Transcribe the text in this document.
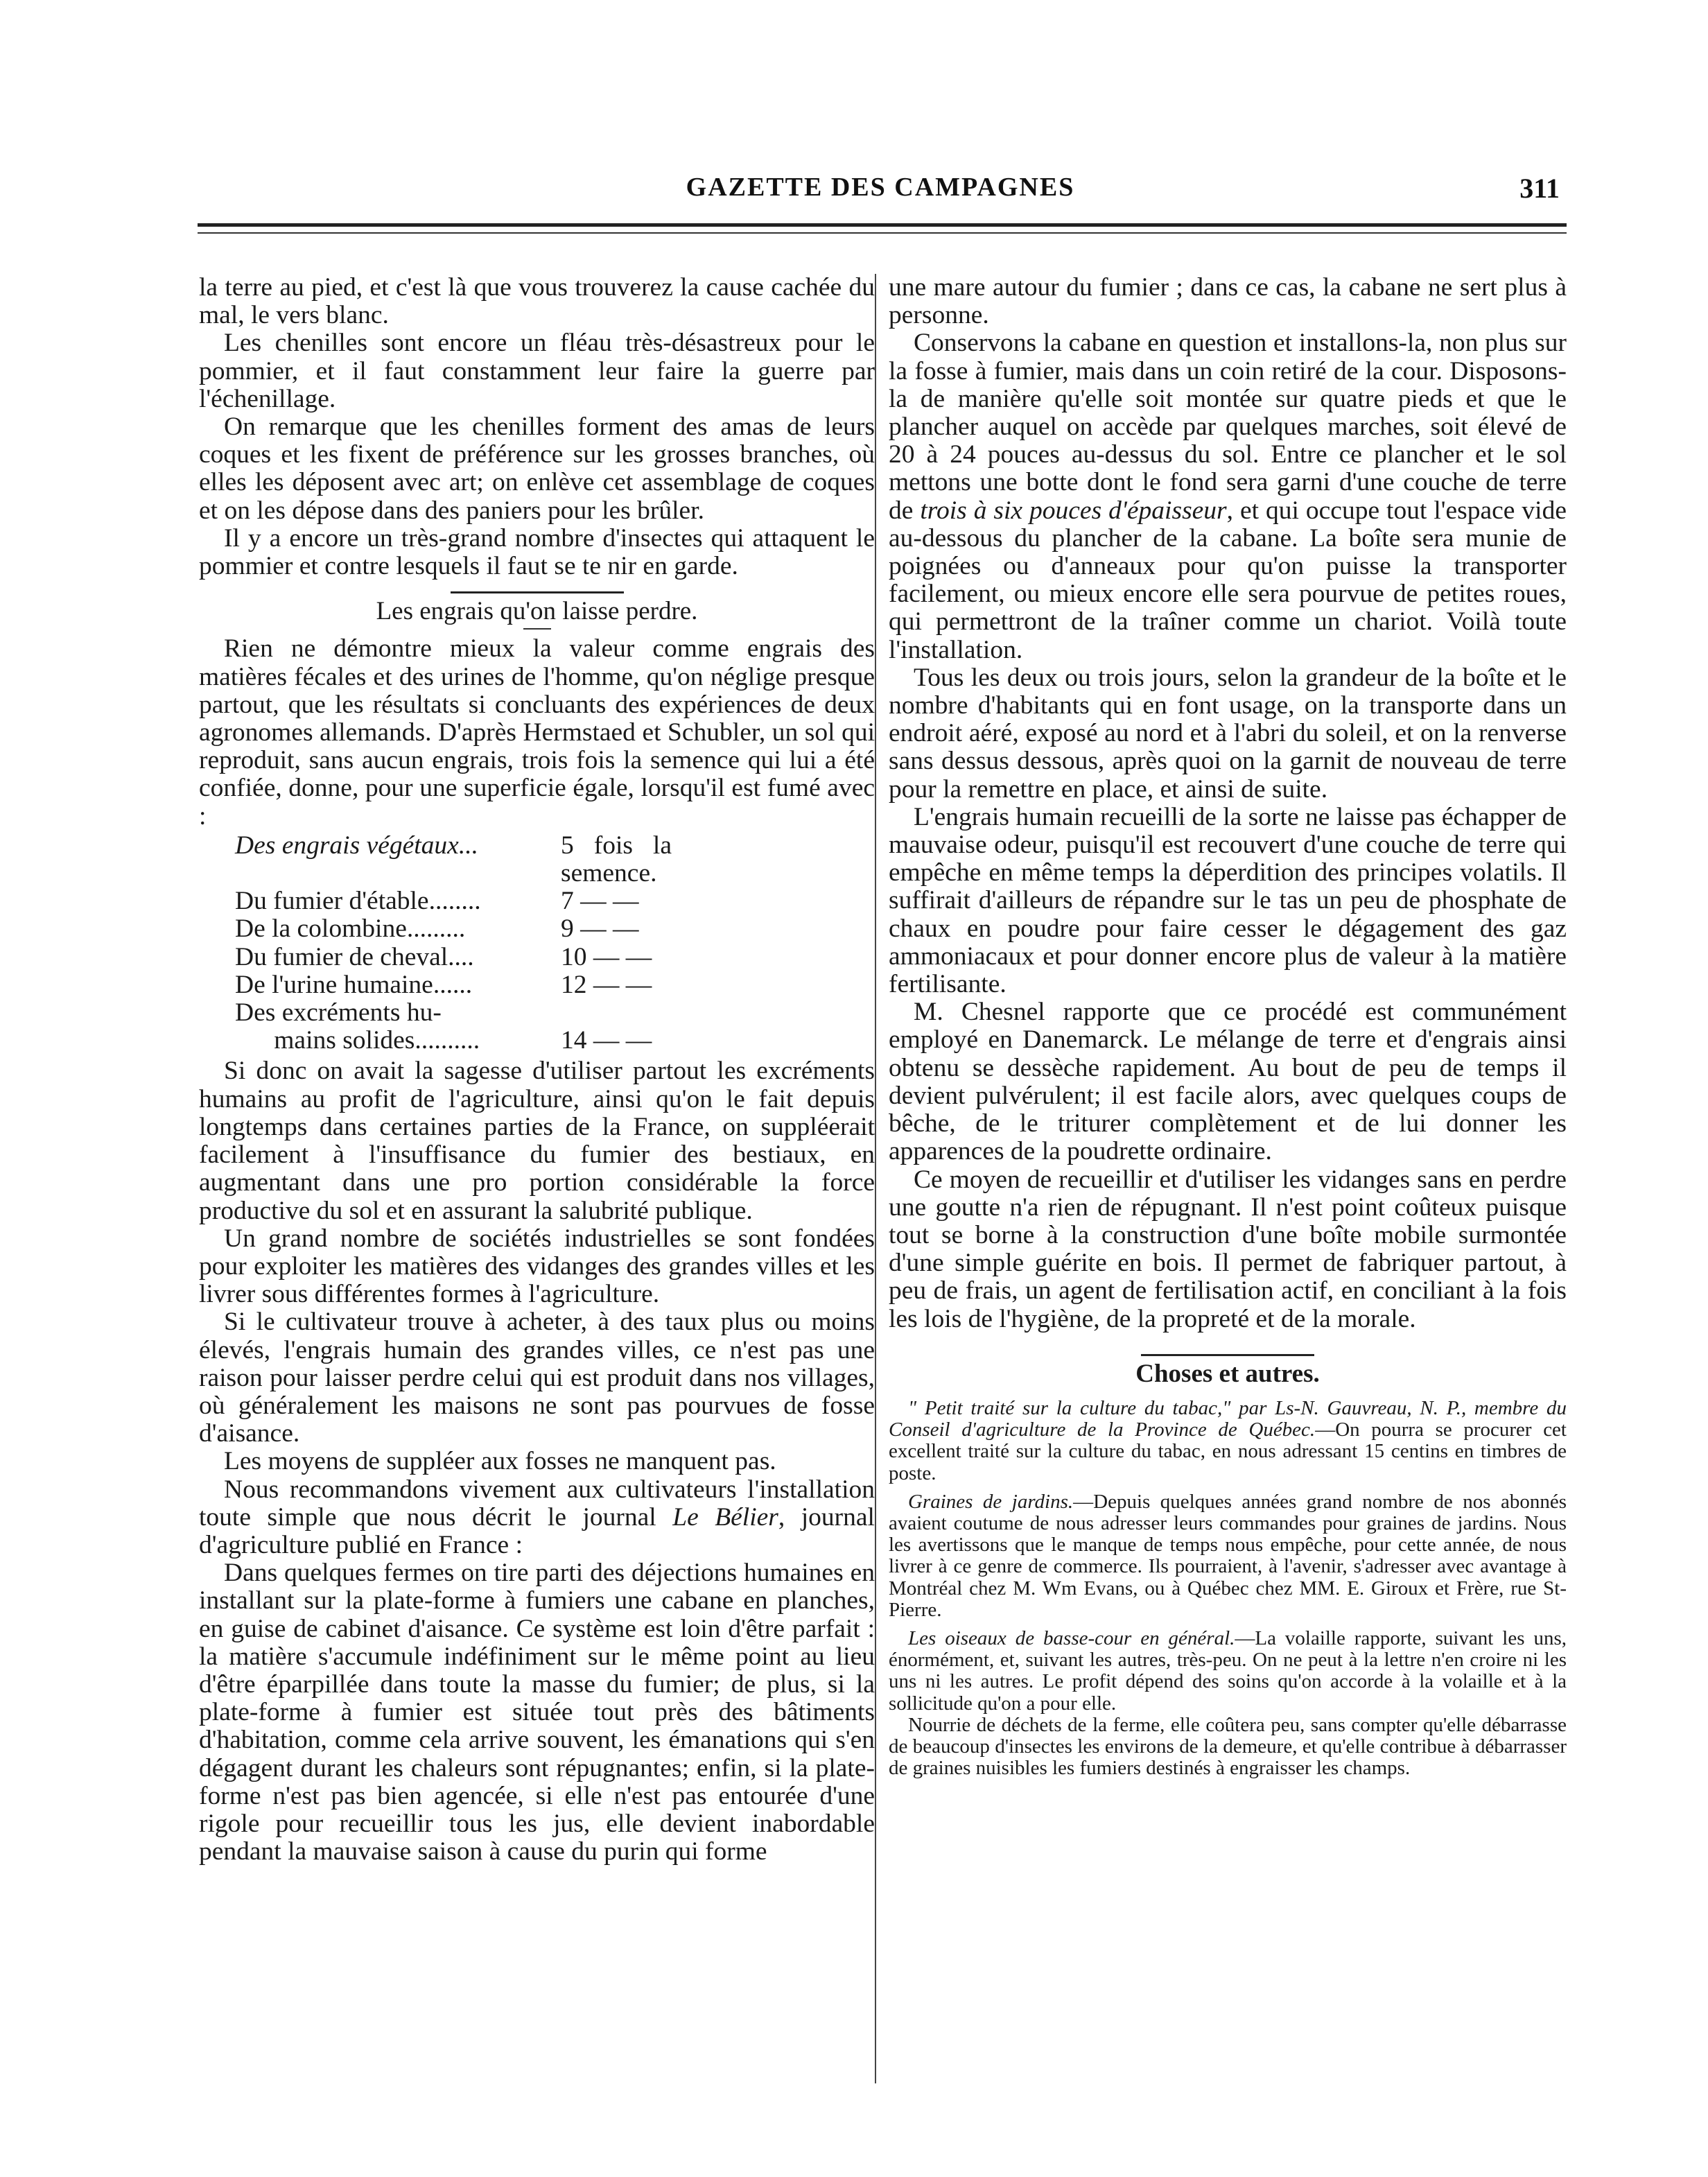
GAZETTE DES CAMPAGNES	311

la terre au pied, et c'est là que vous trouverez la cause cachée du mal, le vers blanc.

Les chenilles sont encore un fléau très-désastreux pour le pommier, et il faut constamment leur faire la guerre par l'échenillage.

On remarque que les chenilles forment des amas de leurs coques et les fixent de préférence sur les grosses branches, où elles les déposent avec art; on enlève cet assemblage de coques et on les dépose dans des paniers pour les brûler.

Il y a encore un très-grand nombre d'insectes qui attaquent le pommier et contre lesquels il faut se te nir en garde.

Les engrais qu'on laisse perdre.

Rien ne démontre mieux la valeur comme engrais des matières fécales et des urines de l'homme, qu'on néglige presque partout, que les résultats si concluants des expériences de deux agronomes allemands. D'après Hermstaed et Schubler, un sol qui reproduit, sans aucun engrais, trois fois la semence qui lui a été confiée, donne, pour une superficie égale, lorsqu'il est fumé avec :

Des engrais végétaux...	5 fois la semence.
Du fumier d'étable........	7 — —
De la colombine.........	9 — —
Du fumier de cheval....	10 — —
De l'urine humaine......	12 — —
Des excréments hu-	
mains solides..........	14 — —

Si donc on avait la sagesse d'utiliser partout les excréments humains au profit de l'agriculture, ainsi qu'on le fait depuis longtemps dans certaines parties de la France, on suppléerait facilement à l'insuffisance du fumier des bestiaux, en augmentant dans une pro portion considérable la force productive du sol et en assurant la salubrité publique.

Un grand nombre de sociétés industrielles se sont fondées pour exploiter les matières des vidanges des grandes villes et les livrer sous différentes formes à l'agriculture.

Si le cultivateur trouve à acheter, à des taux plus ou moins élevés, l'engrais humain des grandes villes, ce n'est pas une raison pour laisser perdre celui qui est produit dans nos villages, où généralement les maisons ne sont pas pourvues de fosse d'aisance.

Les moyens de suppléer aux fosses ne manquent pas.

Nous recommandons vivement aux cultivateurs l'installation toute simple que nous décrit le journal Le Bélier, journal d'agriculture publié en France :

Dans quelques fermes on tire parti des déjections humaines en installant sur la plate-forme à fumiers une cabane en planches, en guise de cabinet d'aisance. Ce système est loin d'être parfait : la matière s'accumule indéfiniment sur le même point au lieu d'être éparpillée dans toute la masse du fumier; de plus, si la plate-forme à fumier est située tout près des bâtiments d'habitation, comme cela arrive souvent, les émanations qui s'en dégagent durant les chaleurs sont répugnantes; enfin, si la plate-forme n'est pas bien agencée, si elle n'est pas entourée d'une rigole pour recueillir tous les jus, elle devient inabordable pendant la mauvaise saison à cause du purin qui forme

une mare autour du fumier ; dans ce cas, la cabane ne sert plus à personne.

Conservons la cabane en question et installons-la, non plus sur la fosse à fumier, mais dans un coin retiré de la cour. Disposons-la de manière qu'elle soit montée sur quatre pieds et que le plancher auquel on accède par quelques marches, soit élevé de 20 à 24 pouces au-dessus du sol. Entre ce plancher et le sol mettons une botte dont le fond sera garni d'une couche de terre de trois à six pouces d'épaisseur, et qui occupe tout l'espace vide au-dessous du plancher de la cabane. La boîte sera munie de poignées ou d'anneaux pour qu'on puisse la transporter facilement, ou mieux encore elle sera pourvue de petites roues, qui permettront de la traîner comme un chariot. Voilà toute l'installation.

Tous les deux ou trois jours, selon la grandeur de la boîte et le nombre d'habitants qui en font usage, on la transporte dans un endroit aéré, exposé au nord et à l'abri du soleil, et on la renverse sans dessus dessous, après quoi on la garnit de nouveau de terre pour la remettre en place, et ainsi de suite.

L'engrais humain recueilli de la sorte ne laisse pas échapper de mauvaise odeur, puisqu'il est recouvert d'une couche de terre qui empêche en même temps la déperdition des principes volatils. Il suffirait d'ailleurs de répandre sur le tas un peu de phosphate de chaux en poudre pour faire cesser le dégagement des gaz ammoniacaux et pour donner encore plus de valeur à la matière fertilisante.

M. Chesnel rapporte que ce procédé est communément employé en Danemarck. Le mélange de terre et d'engrais ainsi obtenu se dessèche rapidement. Au bout de peu de temps il devient pulvérulent; il est facile alors, avec quelques coups de bêche, de le triturer complètement et de lui donner les apparences de la poudrette ordinaire.

Ce moyen de recueillir et d'utiliser les vidanges sans en perdre une goutte n'a rien de répugnant. Il n'est point coûteux puisque tout se borne à la construction d'une boîte mobile surmontée d'une simple guérite en bois. Il permet de fabriquer partout, à peu de frais, un agent de fertilisation actif, en conciliant à la fois les lois de l'hygiène, de la propreté et de la morale.

Choses et autres.

" Petit traité sur la culture du tabac," par Ls-N. Gauvreau, N. P., membre du Conseil d'agriculture de la Province de Québec.—On pourra se procurer cet excellent traité sur la culture du tabac, en nous adressant 15 centins en timbres de poste.

Graines de jardins.—Depuis quelques années grand nombre de nos abonnés avaient coutume de nous adresser leurs commandes pour graines de jardins. Nous les avertissons que le manque de temps nous empêche, pour cette année, de nous livrer à ce genre de commerce. Ils pourraient, à l'avenir, s'adresser avec avantage à Montréal chez M. Wm Evans, ou à Québec chez MM. E. Giroux et Frère, rue St-Pierre.

Les oiseaux de basse-cour en général.—La volaille rapporte, suivant les uns, énormément, et, suivant les autres, très-peu. On ne peut à la lettre n'en croire ni les uns ni les autres. Le profit dépend des soins qu'on accorde à la volaille et à la sollicitude qu'on a pour elle.

Nourrie de déchets de la ferme, elle coûtera peu, sans compter qu'elle débarrasse de beaucoup d'insectes les environs de la demeure, et qu'elle contribue à débarrasser de graines nuisibles les fumiers destinés à engraisser les champs.
